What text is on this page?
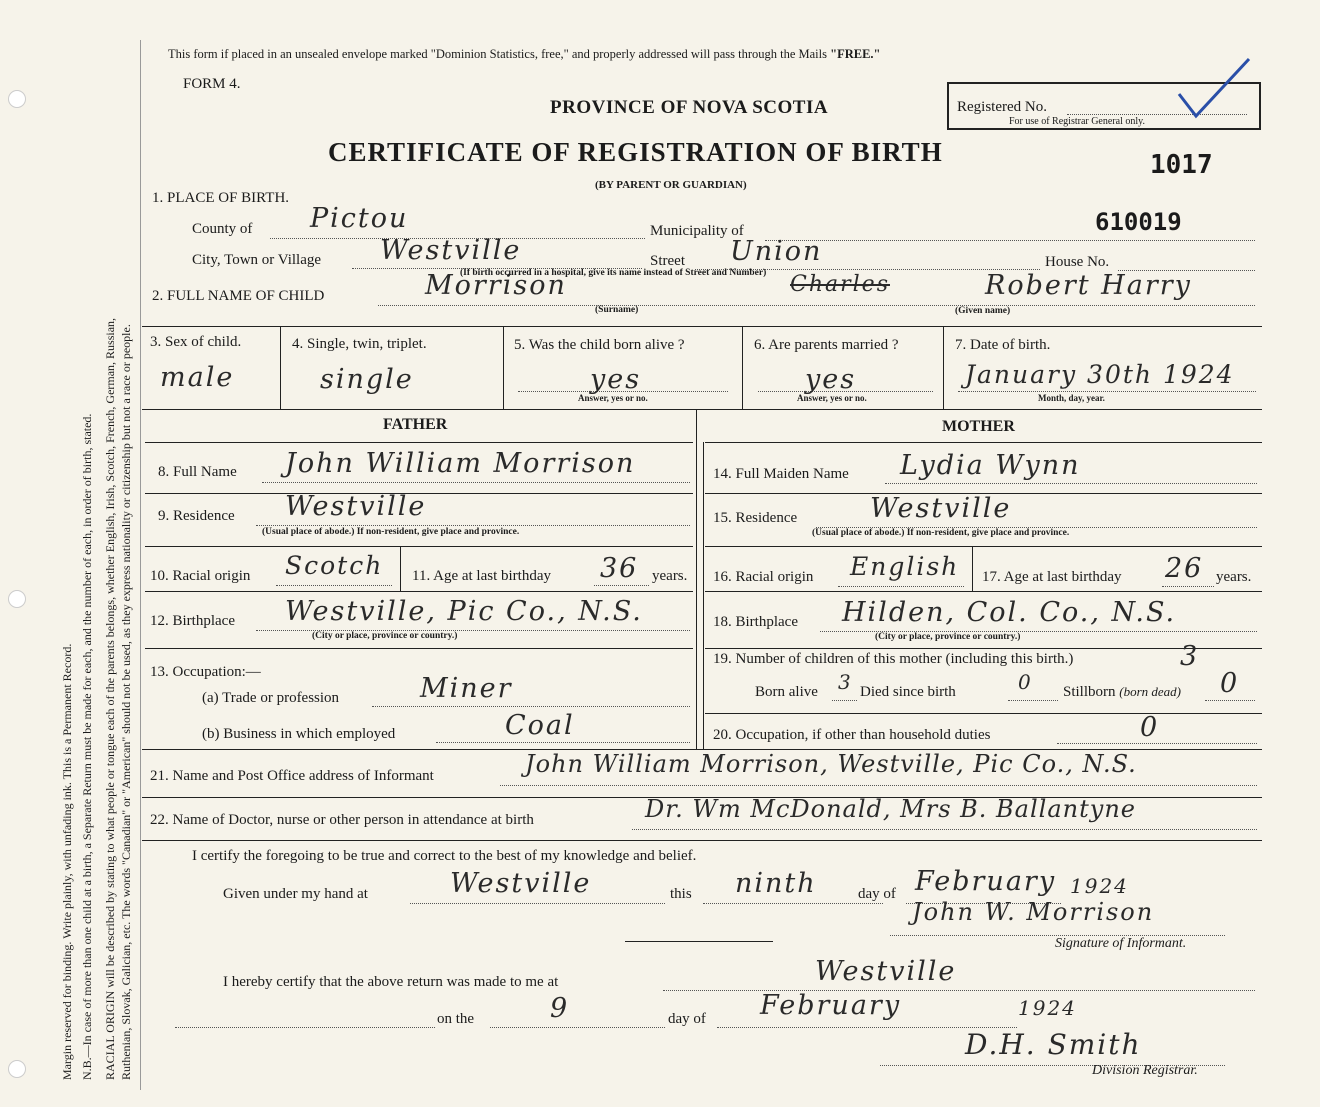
Margin reserved for binding. Write plainly, with unfading ink. This is a Permanent Record. N.B.—In case of more than one child at a birth, a Separate Return must be made for each, and the number of each, in order of birth, stated. RACIAL ORIGIN will be described by stating to what people or tongue each of the parents belongs, whether English, Irish, Scotch, French, German, Russian, Ruthenian, Slovak, Galician, etc. The words "Canadian" or "American" should not be used, as they express nationality or citizenship but not a race or people.
This form if placed in an unsealed envelope marked "Dominion Statistics, free," and properly addressed will pass through the Mails "FREE."
FORM 4.
PROVINCE OF NOVA SCOTIA
CERTIFICATE OF REGISTRATION OF BIRTH
(BY PARENT OR GUARDIAN)
Registered No.
For use of Registrar General only.
1017
610019
1. PLACE OF BIRTH.
County of Pictou	Municipality of
City, Town or Village Westville	Street Union	House No.
(If birth occurred in a hospital, give its name instead of Street and Number)
2. FULL NAME OF CHILD	Morrison
(Surname)
Charles	Robert Harry
(Given name)
3. Sex of child.
male
4. Single, twin, triplet.
single
5. Was the child born alive ?
yes
Answer, yes or no.
6. Are parents married ?
yes
Answer, yes or no.
7. Date of birth.
January 30th 1924
Month, day, year.
FATHER	MOTHER
8. Full Name John William Morrison
9. Residence Westville
(Usual place of abode.) If non-resident, give place and province.
10. Racial origin Scotch 11. Age at last birthday 36 years.
12. Birthplace Westville, Pic Co., N.S.
(City or place, province or country.)
13. Occupation:—
(a) Trade or profession	Miner
(b) Business in which employed	Coal
14. Full Maiden Name Lydia Wynn
15. Residence	Westville
(Usual place of abode.) If non-resident, give place and province.
16. Racial origin English 17. Age at last birthday 26 years.
18. Birthplace Hilden, Col. Co., N.S.
(City or place, province or country.)
19. Number of children of this mother (including this birth.)	3
Born alive 3 Died since birth	0 Stillborn (born dead) 0
20. Occupation, if other than household duties	0
21. Name and Post Office address of Informant	John William Morrison, Westville, Pic Co., N.S.
22. Name of Doctor, nurse or other person in attendance at birth	Dr. Wm McDonald, Mrs B. Ballantyne
I certify the foregoing to be true and correct to the best of my knowledge and belief.
Given under my hand at	Westville	this ninth	day of February 1924
John W. Morrison
Signature of Informant.
I hereby certify that the above return was made to me at	Westville
on the	9	day of February	1924
D.H. Smith
Division Registrar.
